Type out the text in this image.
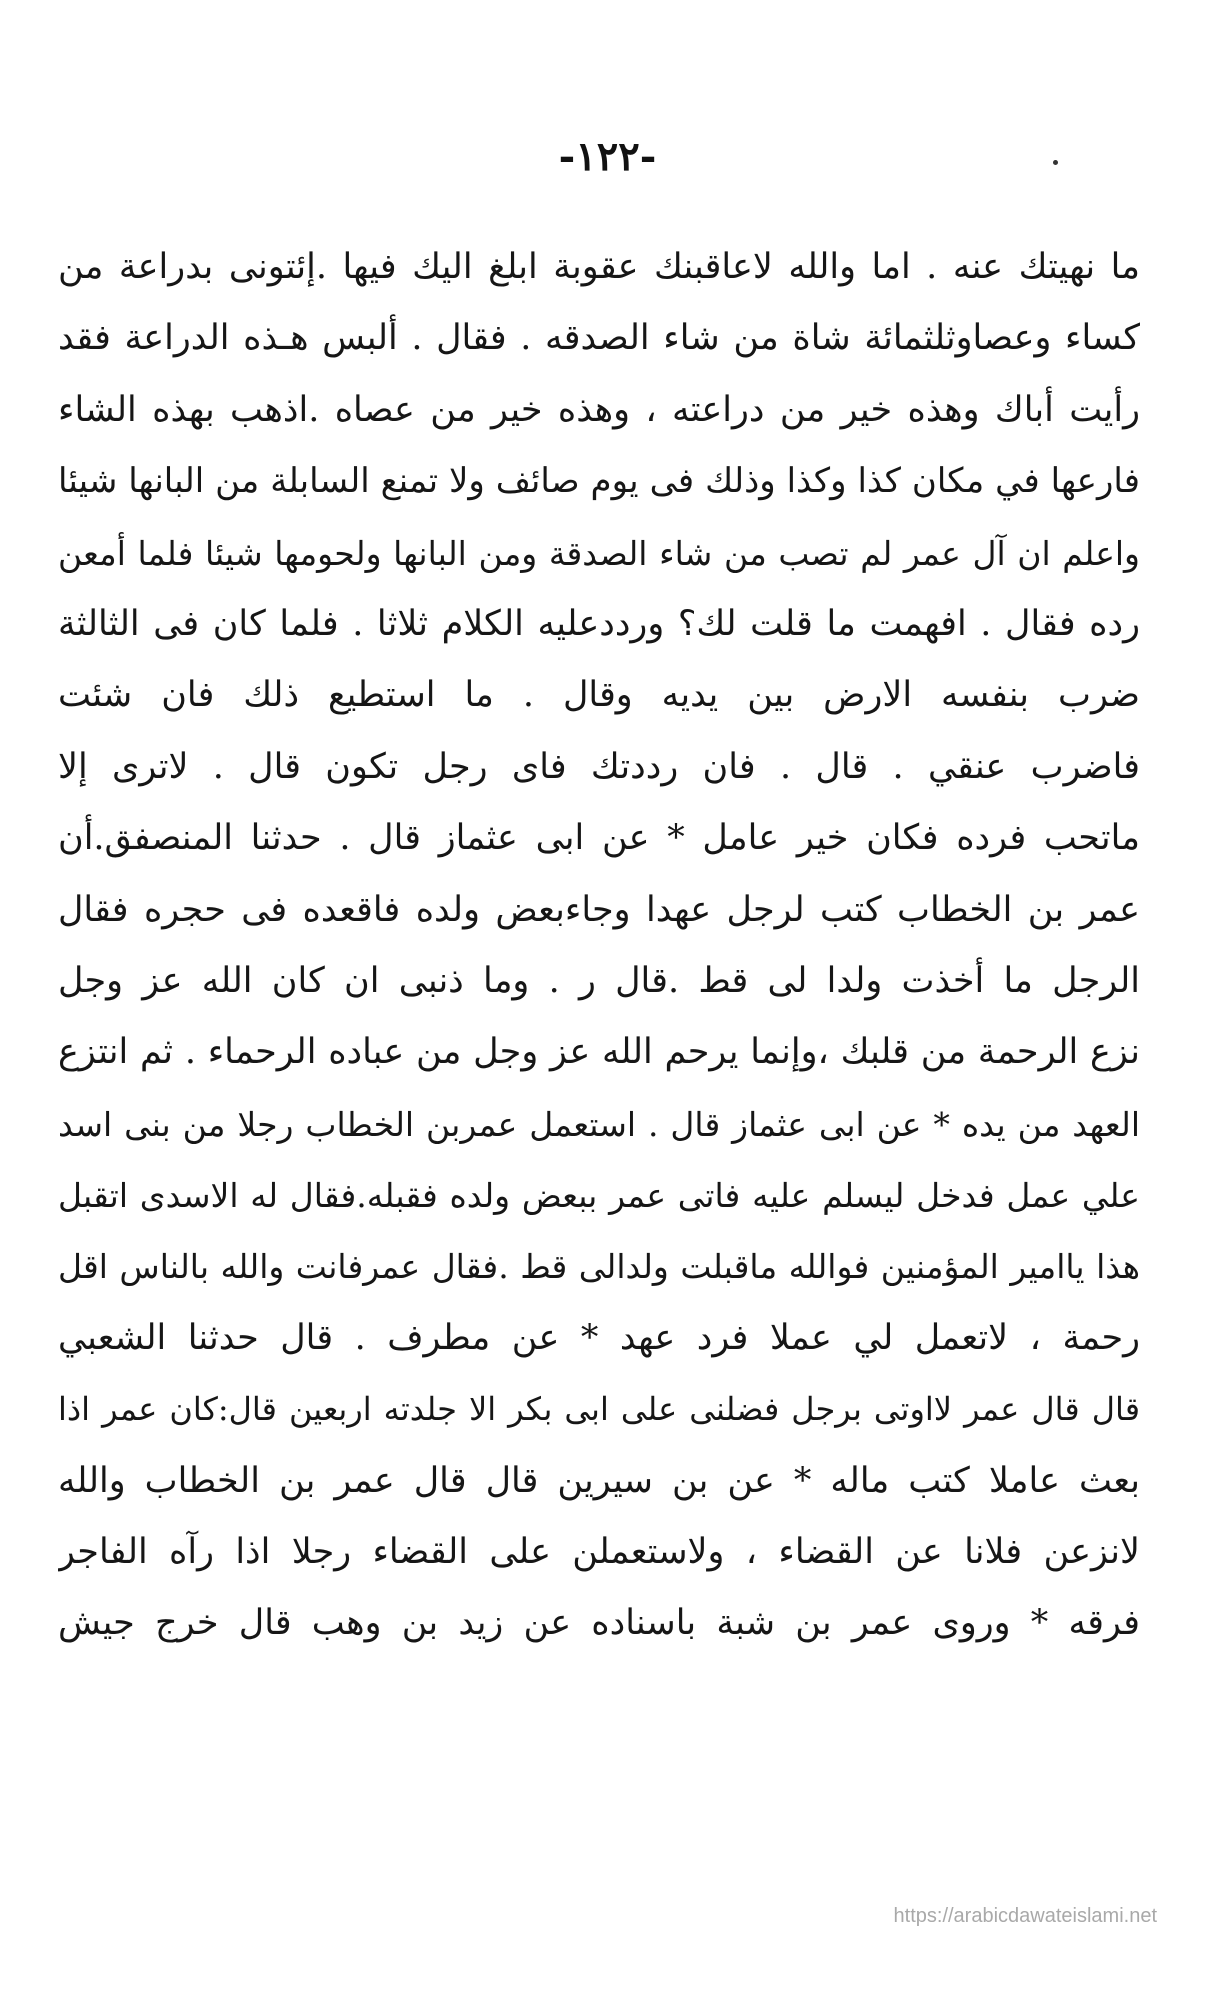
-١٢٢-
ما نهيتك عنه . اما والله لاعاقبنك عقوبة ابلغ اليك فيها .إئتونى بدراعة من
كساء وعصاوثلثمائة شاة من شاء الصدقه . فقال . ألبس هـذه الدراعة فقد
رأيت أباك وهذه خير من دراعته ، وهذه خير من عصاه .اذهب بهذه الشاء
فارعها في مكان كذا وكذا وذلك فى يوم صائف ولا تمنع السابلة من البانها شيئا
واعلم ان آل عمر لم تصب من شاء الصدقة ومن البانها ولحومها شيئا فلما أمعن
رده فقال . افهمت ما قلت لك؟ ورددعليه الكلام ثلاثا . فلما كان فى الثالثة
ضرب بنفسه الارض بين يديه وقال . ما استطيع ذلك فان شئت
فاضرب عنقي . قال . فان رددتك فاى رجل تكون قال . لاترى إلا
ماتحب فرده فكان خير عامل * عن ابى عثماز قال . حدثنا المنصفق.أن
عمر بن الخطاب كتب لرجل عهدا وجاءبعض ولده فاقعده فى حجره فقال
الرجل ما أخذت ولدا لى قط .قال ر . وما ذنبى ان كان الله عز وجل
نزع الرحمة من قلبك ،وإنما يرحم الله عز وجل من عباده الرحماء . ثم انتزع
العهد من يده * عن ابى عثماز قال . استعمل عمربن الخطاب رجلا من بنى اسد
علي عمل فدخل ليسلم عليه فاتى عمر ببعض ولده فقبله.فقال له الاسدى اتقبل
هذا ياامير المؤمنين فوالله ماقبلت ولدالى قط .فقال عمرفانت والله بالناس اقل
رحمة ، لاتعمل لي عملا فرد عهد * عن مطرف . قال حدثنا الشعبي
قال قال عمر لااوتى برجل فضلنى على ابى بكر الا جلدته اربعين قال:كان عمر اذا
بعث عاملا كتب ماله * عن بن سيرين قال قال عمر بن الخطاب والله
لانزعن فلانا عن القضاء ، ولاستعملن على القضاء رجلا اذا رآه الفاجر
فرقه * وروى عمر بن شبة باسناده عن زيد بن وهب قال خرج جيش
https://arabicdawateislami.net
